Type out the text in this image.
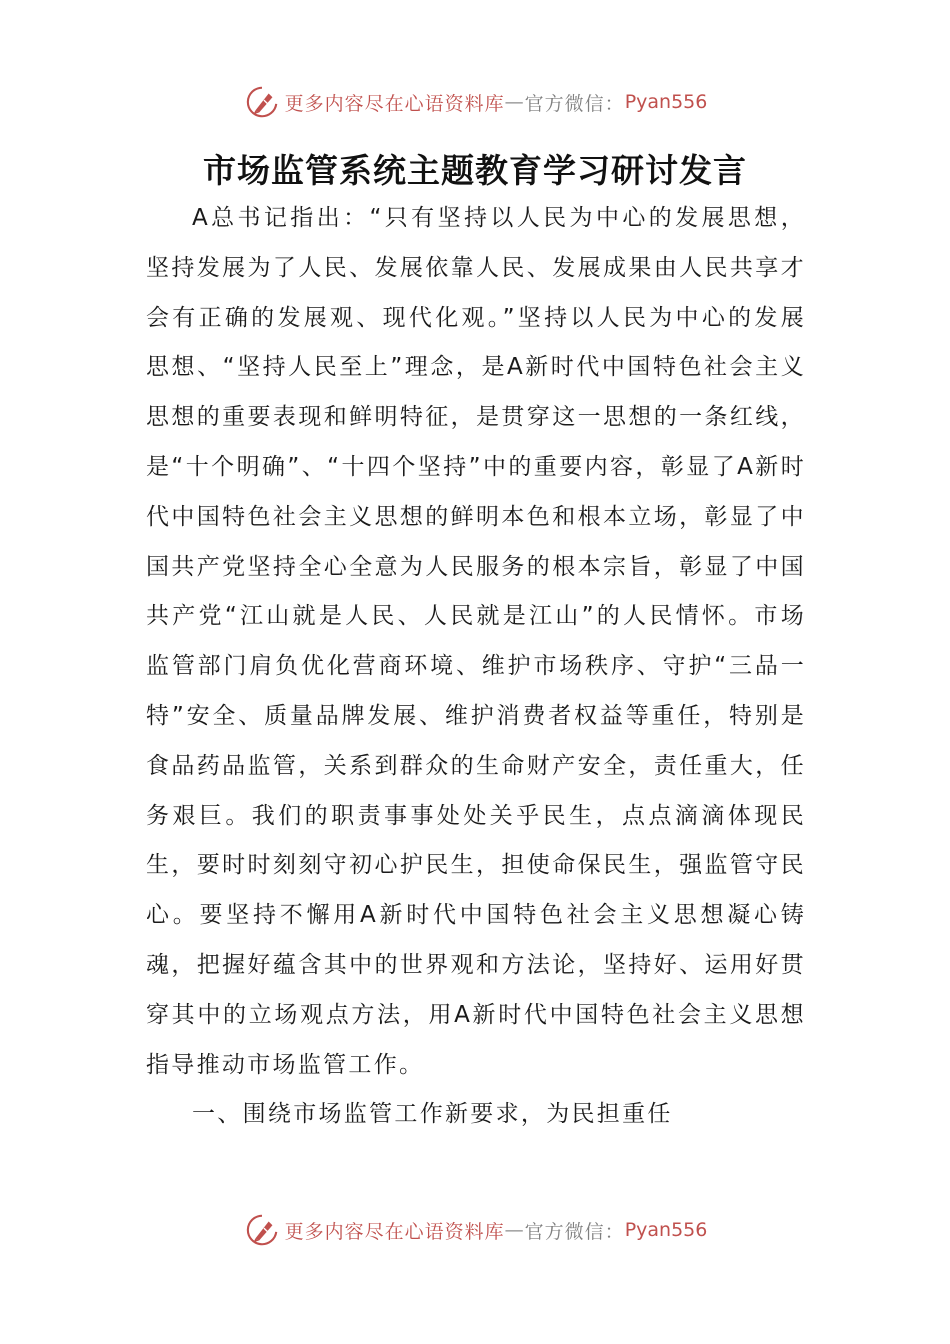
更多内容尽在心语资料库 — 官方微信： Pyan556
市场监管系统主题教育学习研讨发言

A总书记指出：“只有坚持以人民为中心的发展思想，坚持发展为了人民、发展依靠人民、发展成果由人民共享才会有正确的发展观、现代化观。”坚持以人民为中心的发展思想、“坚持人民至上”理念，是A新时代中国特色社会主义思想的重要表现和鲜明特征，是贯穿这一思想的一条红线，是“十个明确”、“十四个坚持”中的重要内容，彰显了A新时代中国特色社会主义思想的鲜明本色和根本立场，彰显了中国共产党坚持全心全意为人民服务的根本宗旨，彰显了中国共产党“江山就是人民、人民就是江山”的人民情怀。市场监管部门肩负优化营商环境、维护市场秩序、守护“三品一特”安全、质量品牌发展、维护消费者权益等重任，特别是食品药品监管，关系到群众的生命财产安全，责任重大，任务艰巨。我们的职责事事处处关乎民生，点点滴滴体现民生，要时时刻刻守初心护民生，担使命保民生，强监管守民心。要坚持不懈用A新时代中国特色社会主义思想凝心铸魂，把握好蕴含其中的世界观和方法论，坚持好、运用好贯穿其中的立场观点方法，用A新时代中国特色社会主义思想指导推动市场监管工作。

一、围绕市场监管工作新要求，为民担重任

更多内容尽在心语资料库 — 官方微信： Pyan556
